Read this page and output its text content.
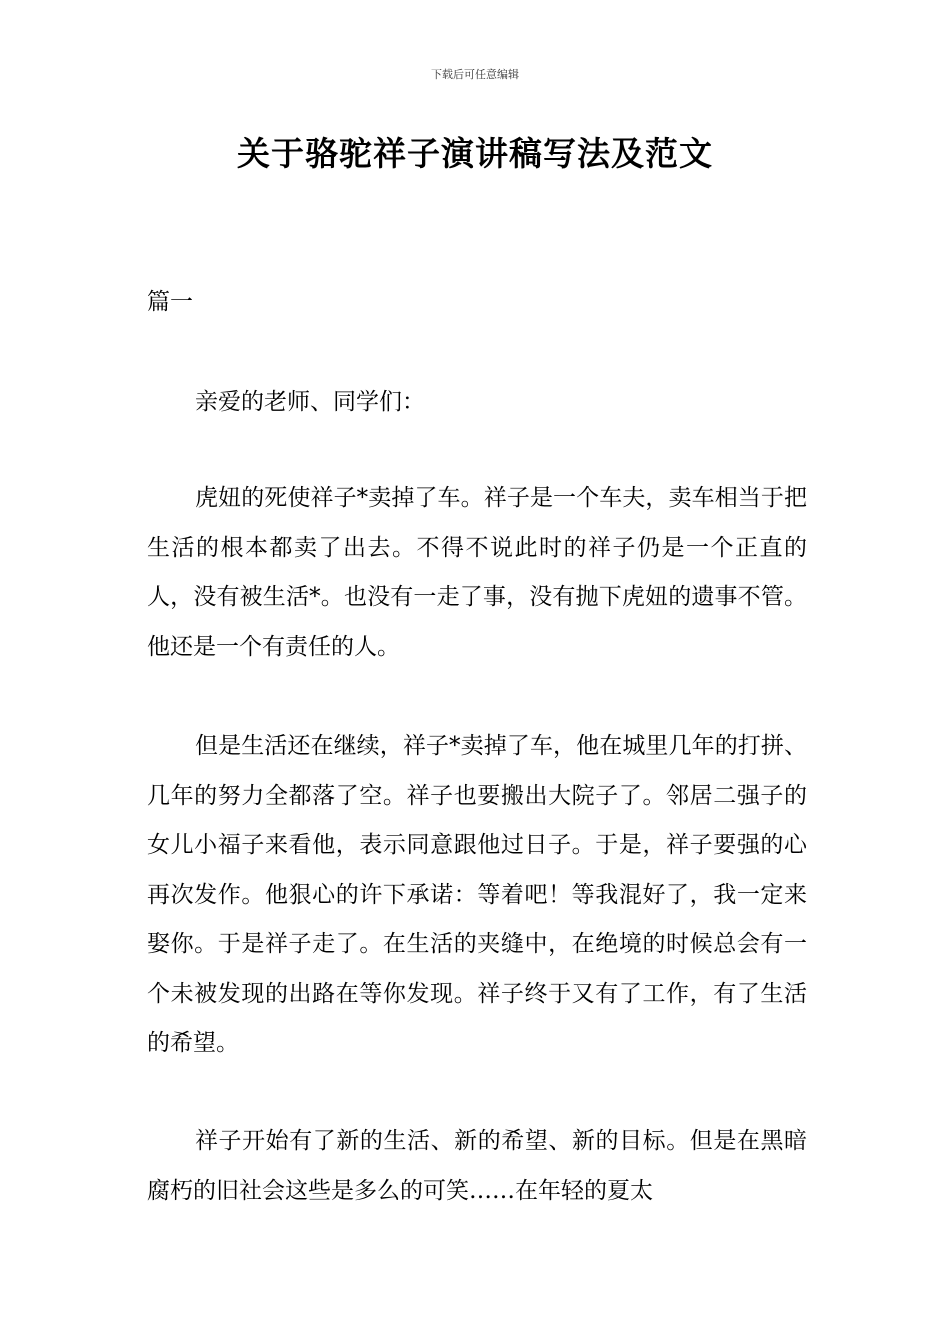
下载后可任意编辑
关于骆驼祥子演讲稿写法及范文
篇一

亲爱的老师、同学们：

虎妞的死使祥子*卖掉了车。祥子是一个车夫，卖车相当于把生活的根本都卖了出去。不得不说此时的祥子仍是一个正直的人，没有被生活*。也没有一走了事，没有抛下虎妞的遗事不管。他还是一个有责任的人。

但是生活还在继续，祥子*卖掉了车，他在城里几年的打拼、几年的努力全都落了空。祥子也要搬出大院子了。邻居二强子的女儿小福子来看他，表示同意跟他过日子。于是，祥子要强的心再次发作。他狠心的许下承诺：等着吧！等我混好了，我一定来娶你。于是祥子走了。在生活的夹缝中，在绝境的时候总会有一个未被发现的出路在等你发现。祥子终于又有了工作，有了生活的希望。

祥子开始有了新的生活、新的希望、新的目标。但是在黑暗腐朽的旧社会这些是多么的可笑……在年轻的夏太
